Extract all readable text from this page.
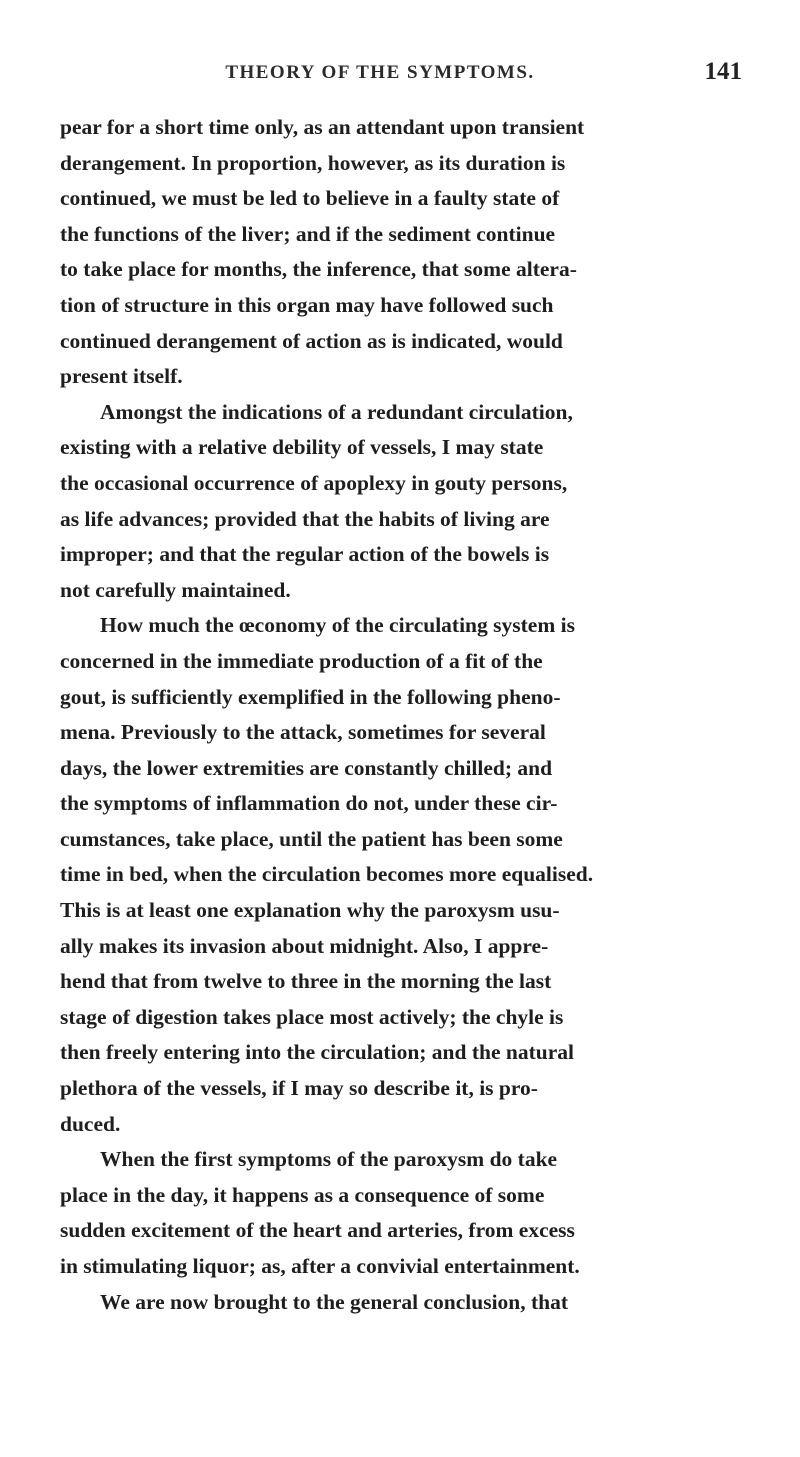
THEORY OF THE SYMPTOMS.	141
pear for a short time only, as an attendant upon transient
derangement. In proportion, however, as its duration is
continued, we must be led to believe in a faulty state of
the functions of the liver; and if the sediment continue
to take place for months, the inference, that some altera-
tion of structure in this organ may have followed such
continued derangement of action as is indicated, would
present itself.
Amongst the indications of a redundant circulation,
existing with a relative debility of vessels, I may state
the occasional occurrence of apoplexy in gouty persons,
as life advances; provided that the habits of living are
improper; and that the regular action of the bowels is
not carefully maintained.
How much the œconomy of the circulating system is
concerned in the immediate production of a fit of the
gout, is sufficiently exemplified in the following pheno-
mena. Previously to the attack, sometimes for several
days, the lower extremities are constantly chilled; and
the symptoms of inflammation do not, under these cir-
cumstances, take place, until the patient has been some
time in bed, when the circulation becomes more equalised.
This is at least one explanation why the paroxysm usu-
ally makes its invasion about midnight. Also, I appre-
hend that from twelve to three in the morning the last
stage of digestion takes place most actively; the chyle is
then freely entering into the circulation; and the natural
plethora of the vessels, if I may so describe it, is pro-
duced.
When the first symptoms of the paroxysm do take
place in the day, it happens as a consequence of some
sudden excitement of the heart and arteries, from excess
in stimulating liquor; as, after a convivial entertainment.
We are now brought to the general conclusion, that
